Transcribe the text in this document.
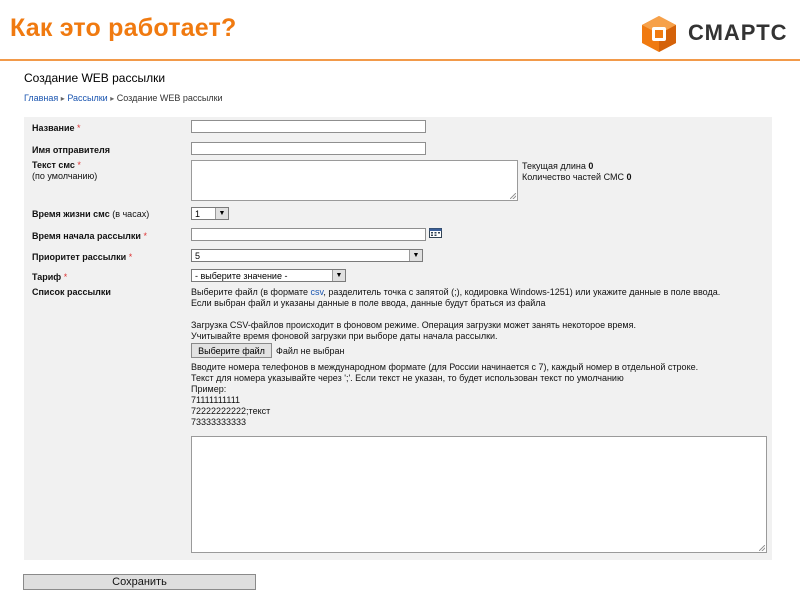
Как это работает?	СМАРТС
Создание WEB рассылки
Главная ▸ Рассылки ▸ Создание WEB рассылки
Название *
Имя отправителя
Текст смс *
(по умолчанию)
Текущая длина 0
Количество частей СМС 0
Время жизни смс (в часах)	1	▼
Время начала рассылки *
Приоритет рассылки *	5	▼
Тариф *	- выберите значение -	▼
Список рассылки	Выберите файл (в формате csv, разделитель точка с запятой (;), кодировка Windows-1251) или укажите данные в поле ввода.
Если выбран файл и указаны данные в поле ввода, данные будут браться из файла
Загрузка CSV-файлов происходит в фоновом режиме. Операция загрузки может занять некоторое время.
Учитывайте время фоновой загрузки при выборе даты начала рассылки.
Выберите файл	Файл не выбран
Вводите номера телефонов в международном формате (для России начинается с 7), каждый номер в отдельной строке.
Текст для номера указывайте через ';'. Если текст не указан, то будет использован текст по умолчанию
Пример:
71111111111
72222222222;текст
73333333333
Сохранить
